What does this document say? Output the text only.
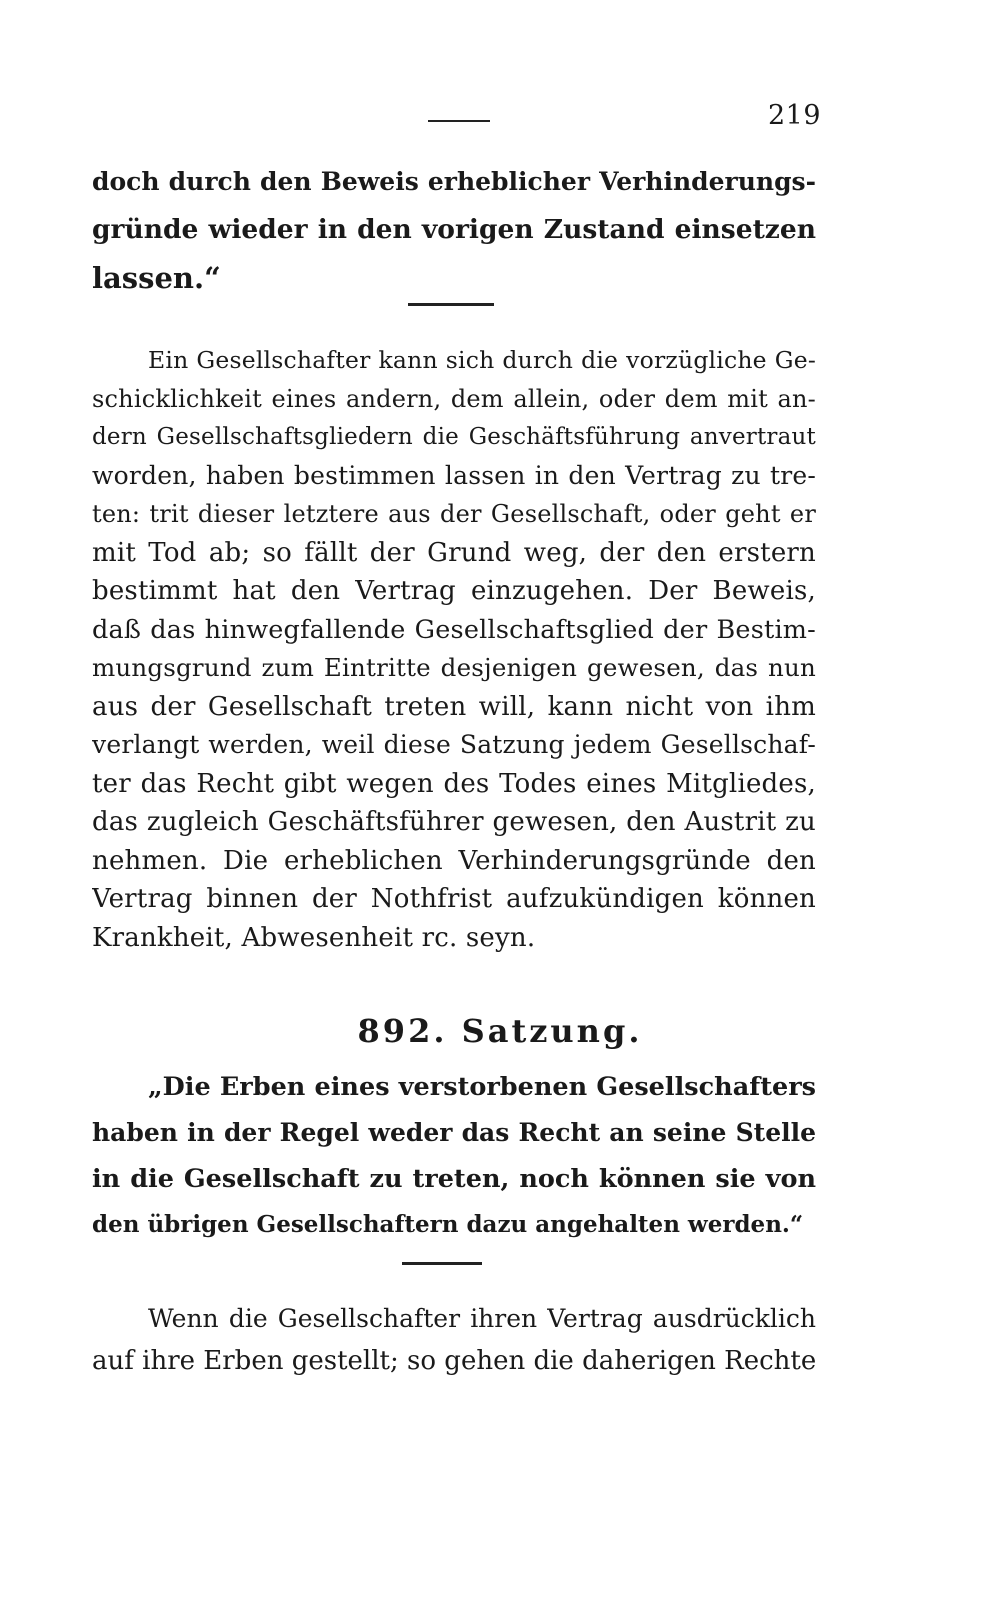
219
doch durch den Beweis erheblicher Verhinderungs-
gründe wieder in den vorigen Zustand einsetzen
lassen.“
Ein Gesellschafter kann sich durch die vorzügliche Ge-
schicklichkeit eines andern, dem allein, oder dem mit an-
dern Gesellschaftsgliedern die Geschäftsführung anvertraut
worden, haben bestimmen lassen in den Vertrag zu tre-
ten: trit dieser letztere aus der Gesellschaft, oder geht er
mit Tod ab; so fällt der Grund weg, der den erstern
bestimmt hat den Vertrag einzugehen. Der Beweis,
daß das hinwegfallende Gesellschaftsglied der Bestim-
mungsgrund zum Eintritte desjenigen gewesen, das nun
aus der Gesellschaft treten will, kann nicht von ihm
verlangt werden, weil diese Satzung jedem Gesellschaf-
ter das Recht gibt wegen des Todes eines Mitgliedes,
das zugleich Geschäftsführer gewesen, den Austrit zu
nehmen. Die erheblichen Verhinderungsgründe den
Vertrag binnen der Nothfrist aufzukündigen können
Krankheit, Abwesenheit rc. seyn.
892. Satzung.
„Die Erben eines verstorbenen Gesellschafters
haben in der Regel weder das Recht an seine Stelle
in die Gesellschaft zu treten, noch können sie von
den übrigen Gesellschaftern dazu angehalten werden.“
Wenn die Gesellschafter ihren Vertrag ausdrücklich
auf ihre Erben gestellt; so gehen die daherigen Rechte
